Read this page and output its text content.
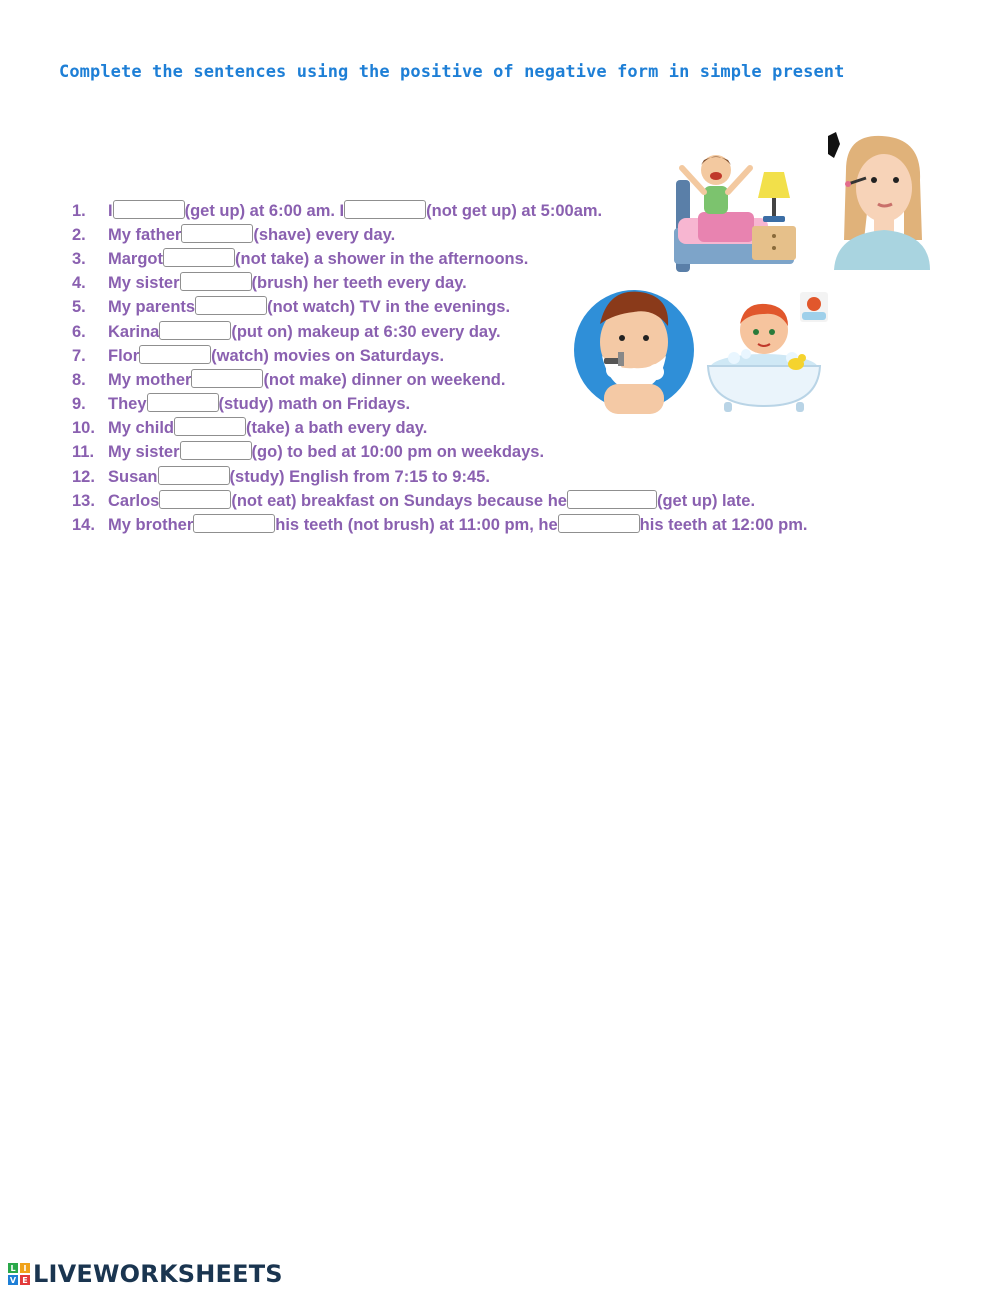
Complete the sentences using the positive of negative form in simple present
1.	I	(get up) at 6:00 am. I	(not get up) at 5:00am.
2.	My father	(shave) every day.
3.	Margot	(not take) a shower in the afternoons.
4.	My sister	(brush) her teeth every day.
5.	My parents	(not watch) TV in the evenings.
6.	Karina	(put on) makeup at 6:30 every day.
7.	Flor	(watch) movies on Saturdays.
8.	My mother	(not make) dinner on weekend.
9.	They	(study) math on Fridays.
10. My child	(take) a bath every day.
11. My sister	(go) to bed at 10:00 pm on weekdays.
12. Susan	(study) English from 7:15 to 9:45.
13. Carlos	(not eat) breakfast on Sundays because he	(get up) late.
14. My brother	his teeth (not brush) at 11:00 pm, he	his teeth at 12:00 pm.
L I
V E LIVEWORKSHEETS
